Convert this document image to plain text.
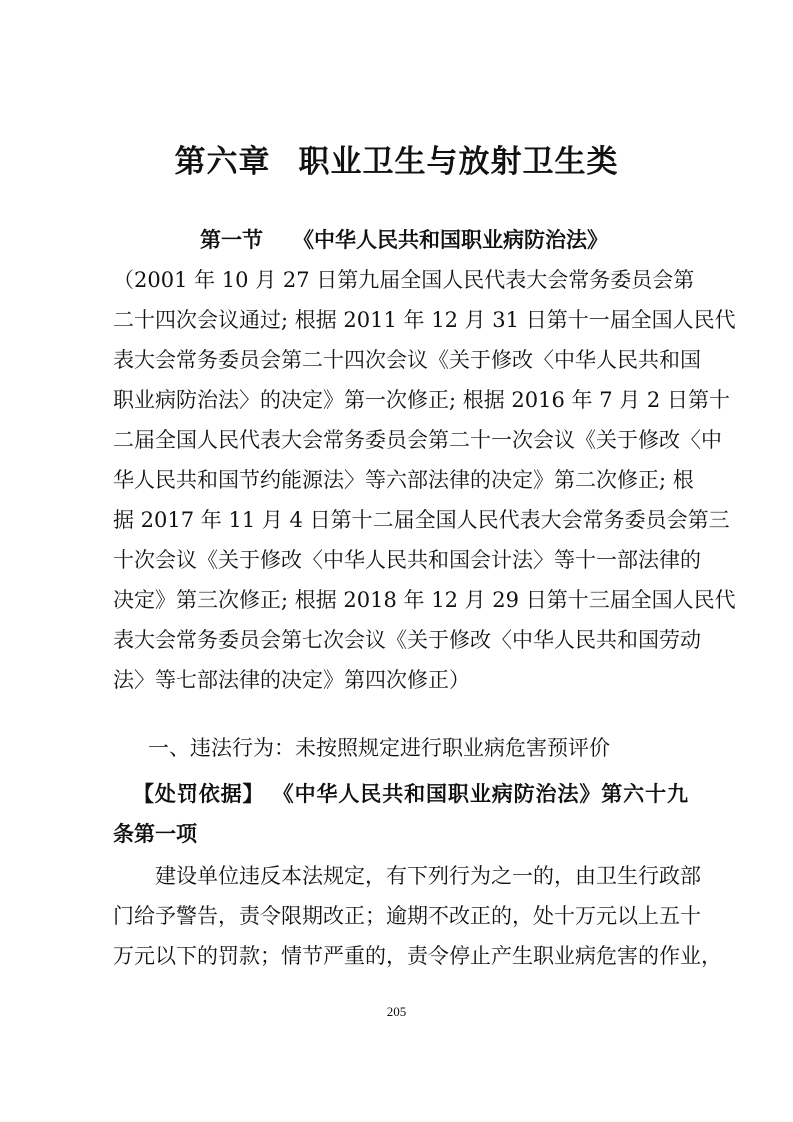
第六章 职业卫生与放射卫生类
第一节 《中华人民共和国职业病防治法》
（2001 年 10 月 27 日第九届全国人民代表大会常务委员会第
二十四次会议通过; 根据 2011 年 12 月 31 日第十一届全国人民代
表大会常务委员会第二十四次会议《关于修改〈中华人民共和国
职业病防治法〉的决定》第一次修正; 根据 2016 年 7 月 2 日第十
二届全国人民代表大会常务委员会第二十一次会议《关于修改〈中
华人民共和国节约能源法〉等六部法律的决定》第二次修正; 根
据 2017 年 11 月 4 日第十二届全国人民代表大会常务委员会第三
十次会议《关于修改〈中华人民共和国会计法〉等十一部法律的
决定》第三次修正; 根据 2018 年 12 月 29 日第十三届全国人民代
表大会常务委员会第七次会议《关于修改〈中华人民共和国劳动
法〉等七部法律的决定》第四次修正）
一、违法行为：未按照规定进行职业病危害预评价
【处罚依据】 《中华人民共和国职业病防治法》第六十九
条第一项
　　建设单位违反本法规定，有下列行为之一的，由卫生行政部
门给予警告，责令限期改正；逾期不改正的，处十万元以上五十
万元以下的罚款；情节严重的，责令停止产生职业病危害的作业，
205
